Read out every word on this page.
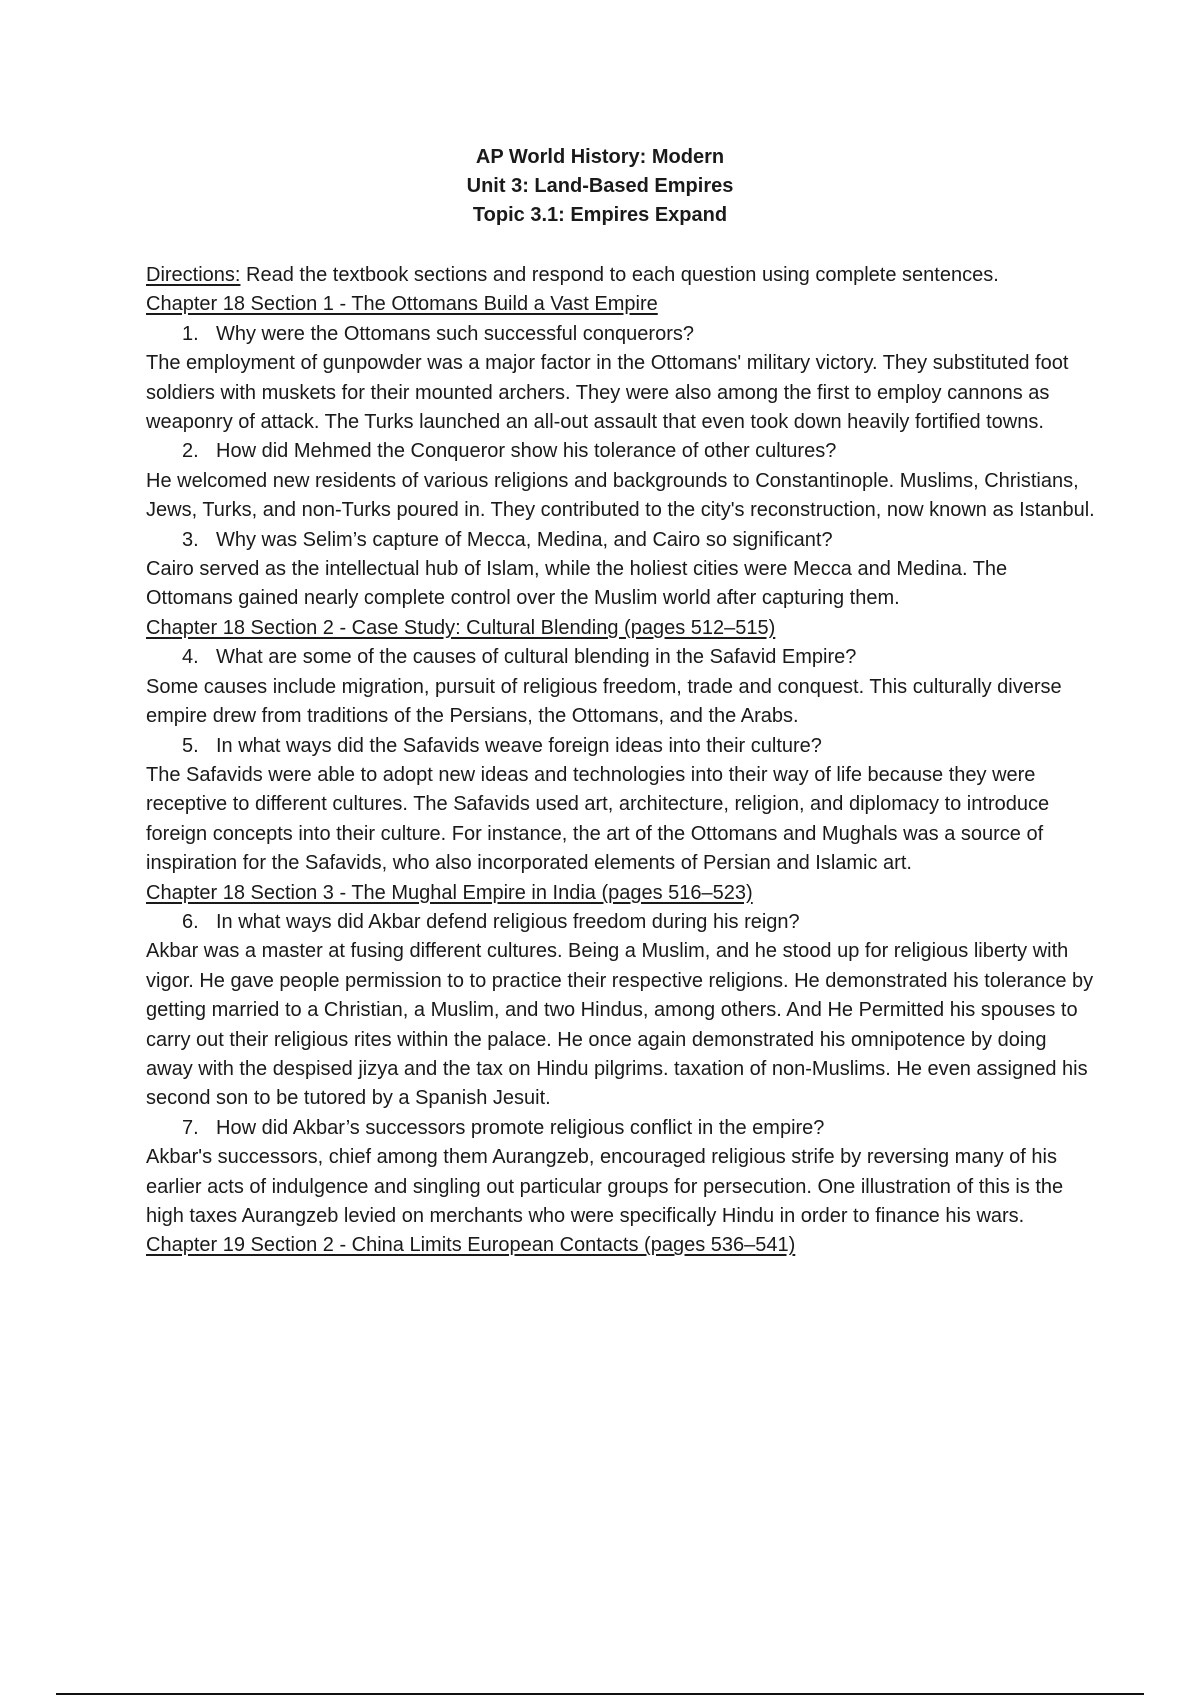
AP World History: Modern
Unit 3: Land-Based Empires
Topic 3.1: Empires Expand

Directions: Read the textbook sections and respond to each question using complete sentences.

Chapter 18 Section 1 - The Ottomans Build a Vast Empire

1. Why were the Ottomans such successful conquerors?

The employment of gunpowder was a major factor in the Ottomans' military victory. They substituted foot soldiers with muskets for their mounted archers. They were also among the first to employ cannons as weaponry of attack. The Turks launched an all-out assault that even took down heavily fortified towns.

2. How did Mehmed the Conqueror show his tolerance of other cultures?

He welcomed new residents of various religions and backgrounds to Constantinople. Muslims, Christians, Jews, Turks, and non-Turks poured in. They contributed to the city's reconstruction, now known as Istanbul.

3. Why was Selim’s capture of Mecca, Medina, and Cairo so significant?

Cairo served as the intellectual hub of Islam, while the holiest cities were Mecca and Medina. The Ottomans gained nearly complete control over the Muslim world after capturing them.

Chapter 18 Section 2 - Case Study: Cultural Blending (pages 512–515)

4. What are some of the causes of cultural blending in the Safavid Empire?

Some causes include migration, pursuit of religious freedom, trade and conquest. This culturally diverse empire drew from traditions of the Persians, the Ottomans, and the Arabs.

5. In what ways did the Safavids weave foreign ideas into their culture?

The Safavids were able to adopt new ideas and technologies into their way of life because they were receptive to different cultures. The Safavids used art, architecture, religion, and diplomacy to introduce foreign concepts into their culture. For instance, the art of the Ottomans and Mughals was a source of inspiration for the Safavids, who also incorporated elements of Persian and Islamic art.

Chapter 18 Section 3 - The Mughal Empire in India (pages 516–523)

6. In what ways did Akbar defend religious freedom during his reign?

Akbar was a master at fusing different cultures. Being a Muslim, and he stood up for religious liberty with vigor. He gave people permission to to practice their respective religions. He demonstrated his tolerance by getting married to a Christian, a Muslim, and two Hindus, among others. And He Permitted his spouses to carry out their religious rites within the palace. He once again demonstrated his omnipotence by doing away with the despised jizya and the tax on Hindu pilgrims. taxation of non-Muslims. He even assigned his second son to be tutored by a Spanish Jesuit.

7. How did Akbar’s successors promote religious conflict in the empire?

Akbar's successors, chief among them Aurangzeb, encouraged religious strife by reversing many of his earlier acts of indulgence and singling out particular groups for persecution. One illustration of this is the high taxes Aurangzeb levied on merchants who were specifically Hindu in order to finance his wars.

Chapter 19 Section 2 - China Limits European Contacts (pages 536–541)
